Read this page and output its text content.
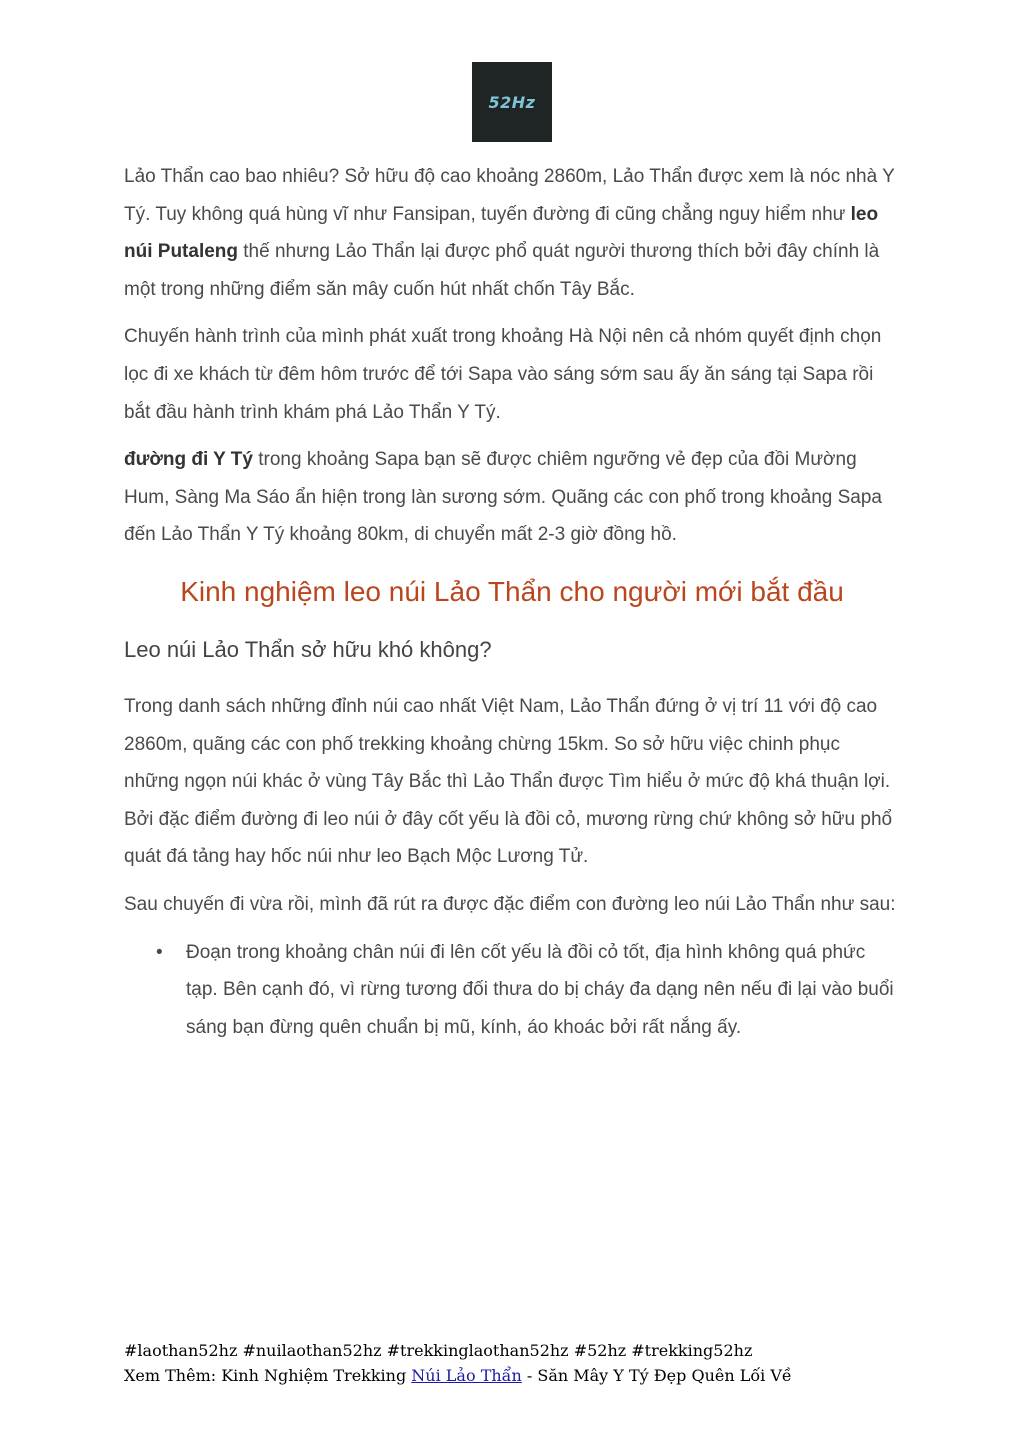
52Hz

Lảo Thẩn cao bao nhiêu? Sở hữu độ cao khoảng 2860m, Lảo Thẩn được xem là nóc nhà Y Tý. Tuy không quá hùng vĩ như Fansipan, tuyến đường đi cũng chẳng nguy hiểm như leo núi Putaleng thế nhưng Lảo Thẩn lại được phổ quát người thương thích bởi đây chính là một trong những điểm săn mây cuốn hút nhất chốn Tây Bắc.

Chuyến hành trình của mình phát xuất trong khoảng Hà Nội nên cả nhóm quyết định chọn lọc đi xe khách từ đêm hôm trước để tới Sapa vào sáng sớm sau ấy ăn sáng tại Sapa rồi bắt đầu hành trình khám phá Lảo Thẩn Y Tý.

đường đi Y Tý trong khoảng Sapa bạn sẽ được chiêm ngưỡng vẻ đẹp của đồi Mường Hum, Sàng Ma Sáo ẩn hiện trong làn sương sớm. Quãng các con phố trong khoảng Sapa đến Lảo Thẩn Y Tý khoảng 80km, di chuyển mất 2-3 giờ đồng hồ.

Kinh nghiệm leo núi Lảo Thẩn cho người mới bắt đầu
Leo núi Lảo Thẩn sở hữu khó không?

Trong danh sách những đỉnh núi cao nhất Việt Nam, Lảo Thẩn đứng ở vị trí 11 với độ cao 2860m, quãng các con phố trekking khoảng chừng 15km. So sở hữu việc chinh phục những ngọn núi khác ở vùng Tây Bắc thì Lảo Thẩn được Tìm hiểu ở mức độ khá thuận lợi. Bởi đặc điểm đường đi leo núi ở đây cốt yếu là đồi cỏ, mương rừng chứ không sở hữu phổ quát đá tảng hay hốc núi như leo Bạch Mộc Lương Tử.

Sau chuyến đi vừa rồi, mình đã rút ra được đặc điểm con đường leo núi Lảo Thẩn như sau:

• Đoạn trong khoảng chân núi đi lên cốt yếu là đồi cỏ tốt, địa hình không quá phức tạp. Bên cạnh đó, vì rừng tương đối thưa do bị cháy đa dạng nên nếu đi lại vào buổi sáng bạn đừng quên chuẩn bị mũ, kính, áo khoác bởi rất nắng ấy.
#laothan52hz #nuilaothan52hz #trekkinglaothan52hz #52hz #trekking52hz
Xem Thêm: Kinh Nghiệm Trekking Núi Lảo Thẩn - Săn Mây Y Tý Đẹp Quên Lối Về
